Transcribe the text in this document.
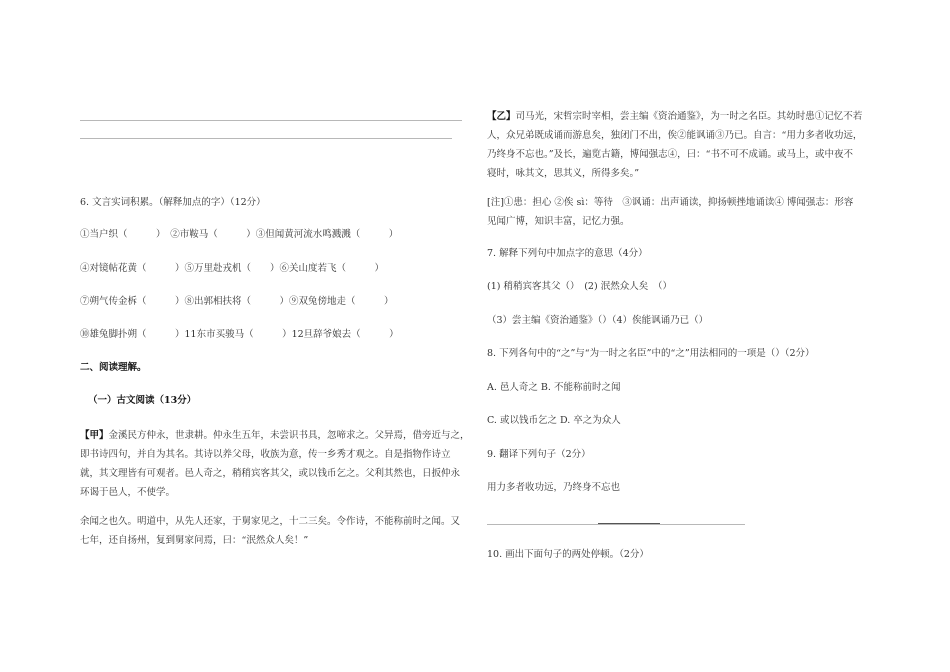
6. 文言实词积累。（解释加点的字）（12分）
①当户织（　　　）　②市鞍马（　　　）③但闻黄河流水鸣溅溅（　　　）
④对镜帖花黄（　　　）⑤万里赴戎机（　　）⑥关山度若飞（　　　）
⑦朔气传金柝（　　　）⑧出郭相扶将（　　　）⑨双兔傍地走（　　　）
⑩雄兔脚扑朔（　　　）11东市买骏马（　　　）12旦辞爷娘去（　　　）
二、阅读理解。
（一）古文阅读（13分）
【甲】金溪民方仲永，世隶耕。仲永生五年，未尝识书具，忽啼求之。父异焉，借旁近与之，
即书诗四句，并自为其名。其诗以养父母，收族为意，传一乡秀才观之。自是指物作诗立
就，其文理皆有可观者。邑人奇之，稍稍宾客其父，或以钱币乞之。父利其然也，日扳仲永
环谒于邑人，不使学。
余闻之也久。明道中，从先人还家，于舅家见之，十二三矣。令作诗，不能称前时之闻。又
七年，还自扬州，复到舅家问焉，曰：“泯然众人矣！”
【乙】司马光，宋哲宗时宰相，尝主编《资治通鉴》，为一时之名臣。其幼时患①记忆不若
人，众兄弟既成诵而游息矣，独闭门不出，俟②能讽诵③乃已。自言：“用力多者收功远，
乃终身不忘也。”及长，遍览古籍，博闻强志④，曰：“书不可不成诵。或马上，或中夜不
寝时，咏其文，思其义，所得多矣。”
[注]①患：担心 ②俟 sì：等待　③讽诵：出声诵读，抑扬顿挫地诵读④ 博闻强志：形容
见闻广博，知识丰富，记忆力强。
7. 解释下列句中加点字的意思（4分）
(1) 稍稍宾客其父（）　(2) 泯然众人矣　（）
（3）尝主编《资治通鉴》（）（4）俟能讽诵乃已（）
8. 下列各句中的“之”与“为一时之名臣”中的“之”用法相同的一项是（）（2分）
A. 邑人奇之 B. 不能称前时之闻
C. 或以钱币乞之 D. 卒之为众人
9. 翻译下列句子（2分）
用力多者收功远，乃终身不忘也
10. 画出下面句子的两处停顿。（2分）
